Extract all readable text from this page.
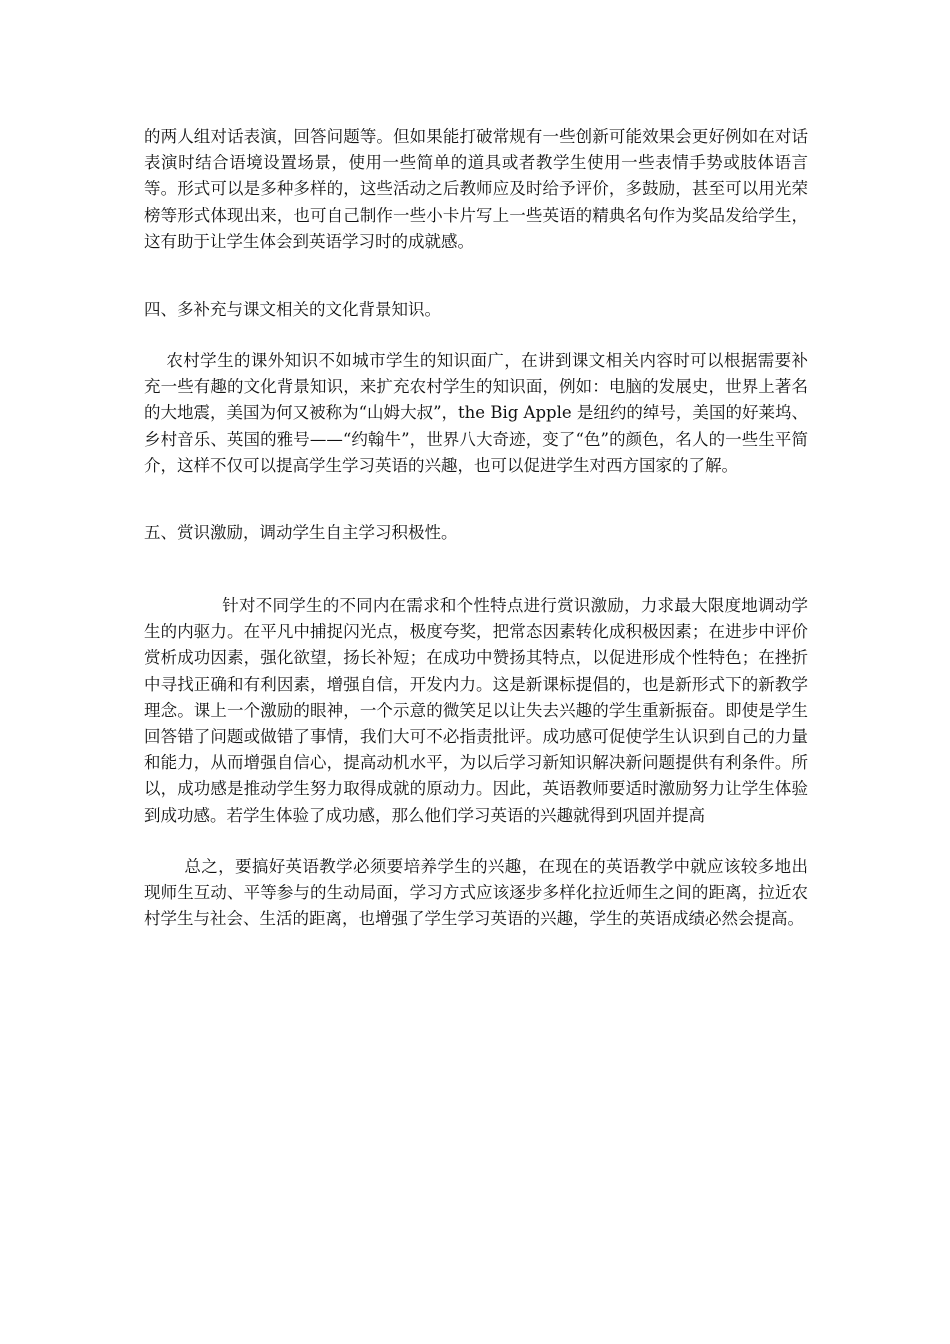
的两人组对话表演，回答问题等。但如果能打破常规有一些创新可能效果会更好例如在对话表演时结合语境设置场景，使用一些简单的道具或者教学生使用一些表情手势或肢体语言等。形式可以是多种多样的，这些活动之后教师应及时给予评价，多鼓励，甚至可以用光荣榜等形式体现出来，也可自己制作一些小卡片写上一些英语的精典名句作为奖品发给学生，这有助于让学生体会到英语学习时的成就感。

四、多补充与课文相关的文化背景知识。

农村学生的课外知识不如城市学生的知识面广，在讲到课文相关内容时可以根据需要补充一些有趣的文化背景知识，来扩充农村学生的知识面，例如：电脑的发展史，世界上著名的大地震，美国为何又被称为“山姆大叔”，the Big Apple 是纽约的绰号，美国的好莱坞、乡村音乐、英国的雅号——“约翰牛”，世界八大奇迹，变了“色”的颜色，名人的一些生平简介，这样不仅可以提高学生学习英语的兴趣，也可以促进学生对西方国家的了解。

五、赏识激励，调动学生自主学习积极性。

针对不同学生的不同内在需求和个性特点进行赏识激励，力求最大限度地调动学生的内驱力。在平凡中捕捉闪光点，极度夸奖，把常态因素转化成积极因素；在进步中评价赏析成功因素，强化欲望，扬长补短；在成功中赞扬其特点，以促进形成个性特色；在挫折中寻找正确和有利因素，增强自信，开发内力。这是新课标提倡的，也是新形式下的新教学理念。课上一个激励的眼神，一个示意的微笑足以让失去兴趣的学生重新振奋。即使是学生回答错了问题或做错了事情，我们大可不必指责批评。成功感可促使学生认识到自己的力量和能力，从而增强自信心，提高动机水平，为以后学习新知识解决新问题提供有利条件。所以，成功感是推动学生努力取得成就的原动力。因此，英语教师要适时激励努力让学生体验到成功感。若学生体验了成功感，那么他们学习英语的兴趣就得到巩固并提高

总之，要搞好英语教学必须要培养学生的兴趣，在现在的英语教学中就应该较多地出现师生互动、平等参与的生动局面，学习方式应该逐步多样化拉近师生之间的距离，拉近农村学生与社会、生活的距离，也增强了学生学习英语的兴趣，学生的英语成绩必然会提高。
